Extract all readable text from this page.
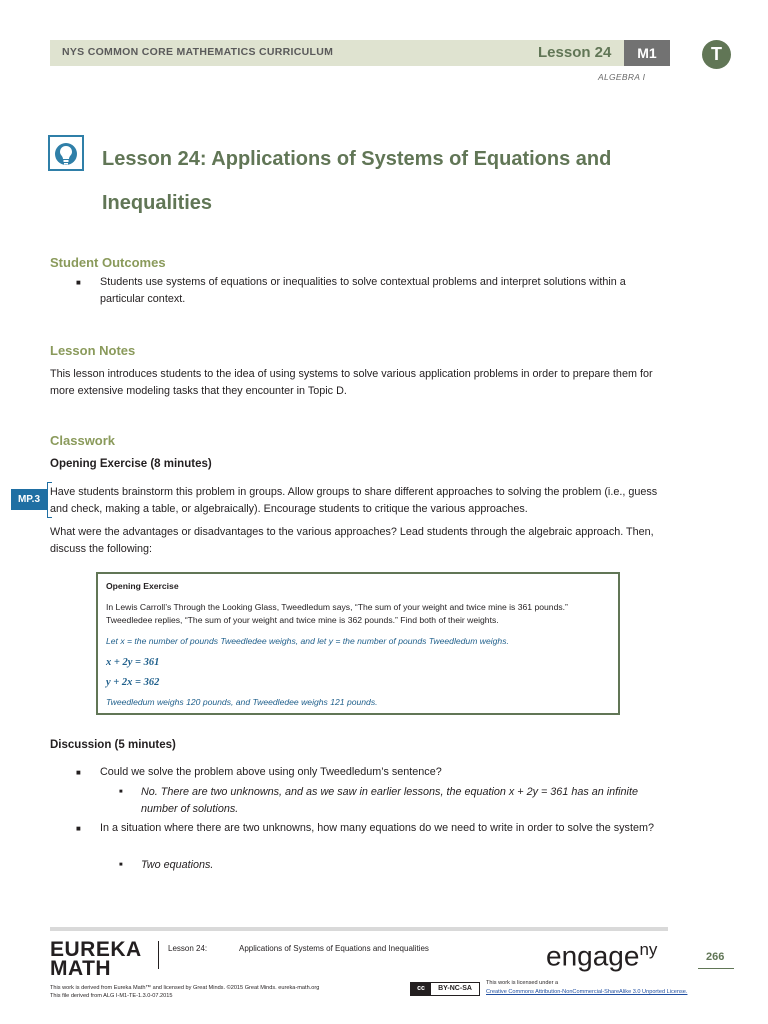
NYS COMMON CORE MATHEMATICS CURRICULUM	Lesson 24	M1
ALGEBRA I
T
Lesson 24: Applications of Systems of Equations and Inequalities
Student Outcomes
■ Students use systems of equations or inequalities to solve contextual problems and interpret solutions within a particular context.
Lesson Notes

This lesson introduces students to the idea of using systems to solve various application problems in order to prepare them for more extensive modeling tasks that they encounter in Topic D.

Classwork
Opening Exercise (8 minutes)
MP.3

Have students brainstorm this problem in groups. Allow groups to share different approaches to solving the problem (i.e., guess and check, making a table, or algebraically). Encourage students to critique the various approaches.

What were the advantages or disadvantages to the various approaches? Lead students through the algebraic approach. Then, discuss the following:

Opening Exercise

In Lewis Carroll’s Through the Looking Glass, Tweedledum says, “The sum of your weight and twice mine is 361 pounds.” Tweedledee replies, “The sum of your weight and twice mine is 362 pounds.” Find both of their weights.

Let x = the number of pounds Tweedledee weighs, and let y = the number of pounds Tweedledum weighs.

x + 2y = 361

y + 2x = 362

Tweedledum weighs 120 pounds, and Tweedledee weighs 121 pounds.

Discussion (5 minutes)
■ Could we solve the problem above using only Tweedledum’s sentence?
■ No. There are two unknowns, and as we saw in earlier lessons, the equation x + 2y = 361 has an infinite number of solutions.
■ In a situation where there are two unknowns, how many equations do we need to write in order to solve the system?
■ Two equations.
EUREKA
MATH
Lesson 24:	Applications of Systems of Equations and Inequalities	engage$^{ny}$	266
This work is derived from Eureka Math™ and licensed by Great Minds. ©2015 Great Minds. eureka-math.org
This file derived from ALG I-M1-TE-1.3.0-07.2015
cc	BY-NC-SA
This work is licensed under a
Creative Commons Attribution-NonCommercial-ShareAlike 3.0 Unported License.
